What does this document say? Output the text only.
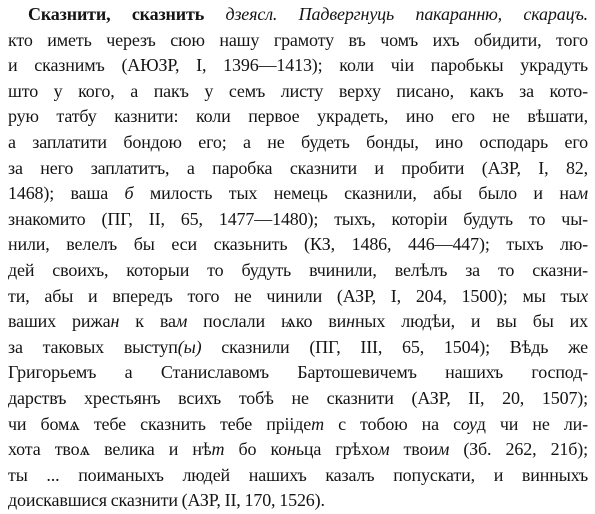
Сказнити, сказнить дзеясл. Падвергнуць пакаранню, скарацъ.
кто иметь черезъ сюю нашу грамоту въ чомъ ихъ обидити, того
и сказнимъ (АЮЗР, I, 1396—1413); коли чіи паробькы украдуть
што у кого, а пакъ у семъ листу верху писано, какъ за кото-
рую татбу казнити: коли первое украдеть, ино его не вѣшати,
а заплатити бондою его; а не будеть бонды, ино осподарь его
за него заплатитъ, а паробка сказнити и пробити (АЗР, I, 82,
1468); ваша б милость тых немець сказнили, абы было и нам
знакомито (ПГ, II, 65, 1477—1480); тыхъ, которіи будуть то чы-
нили, велелъ бы еси сказьнить (КЗ, 1486, 446—447); тыхъ лю-
дей своихъ, которыи то будуть вчинили, велѣлъ за то сказни-
ти, абы и впередъ того не чинили (АЗР, I, 204, 1500); мы тых
ваших рижан к вам послали ѩко винных людѣи, и вы бы их
за таковых выступ(ы) сказнили (ПГ, III, 65, 1504); Вѣдь же
Григорьемъ а Станиславомъ Бартошевичемъ нашихъ господ-
дарствъ хрестьянъ всихъ тобѣ не сказнити (АЗР, II, 20, 1507);
чи бомѧ тебе сказнить тебе пріідет с тобою на сѹд чи не ли-
хота твоѧ велика и нѣт бо коньца грѣхом твоим (Зб. 262, 21б);
ты ... поиманыхъ людей нашихъ казалъ попускати, и винныхъ
доискавшися сказнити (АЗР, II, 170, 1526).
